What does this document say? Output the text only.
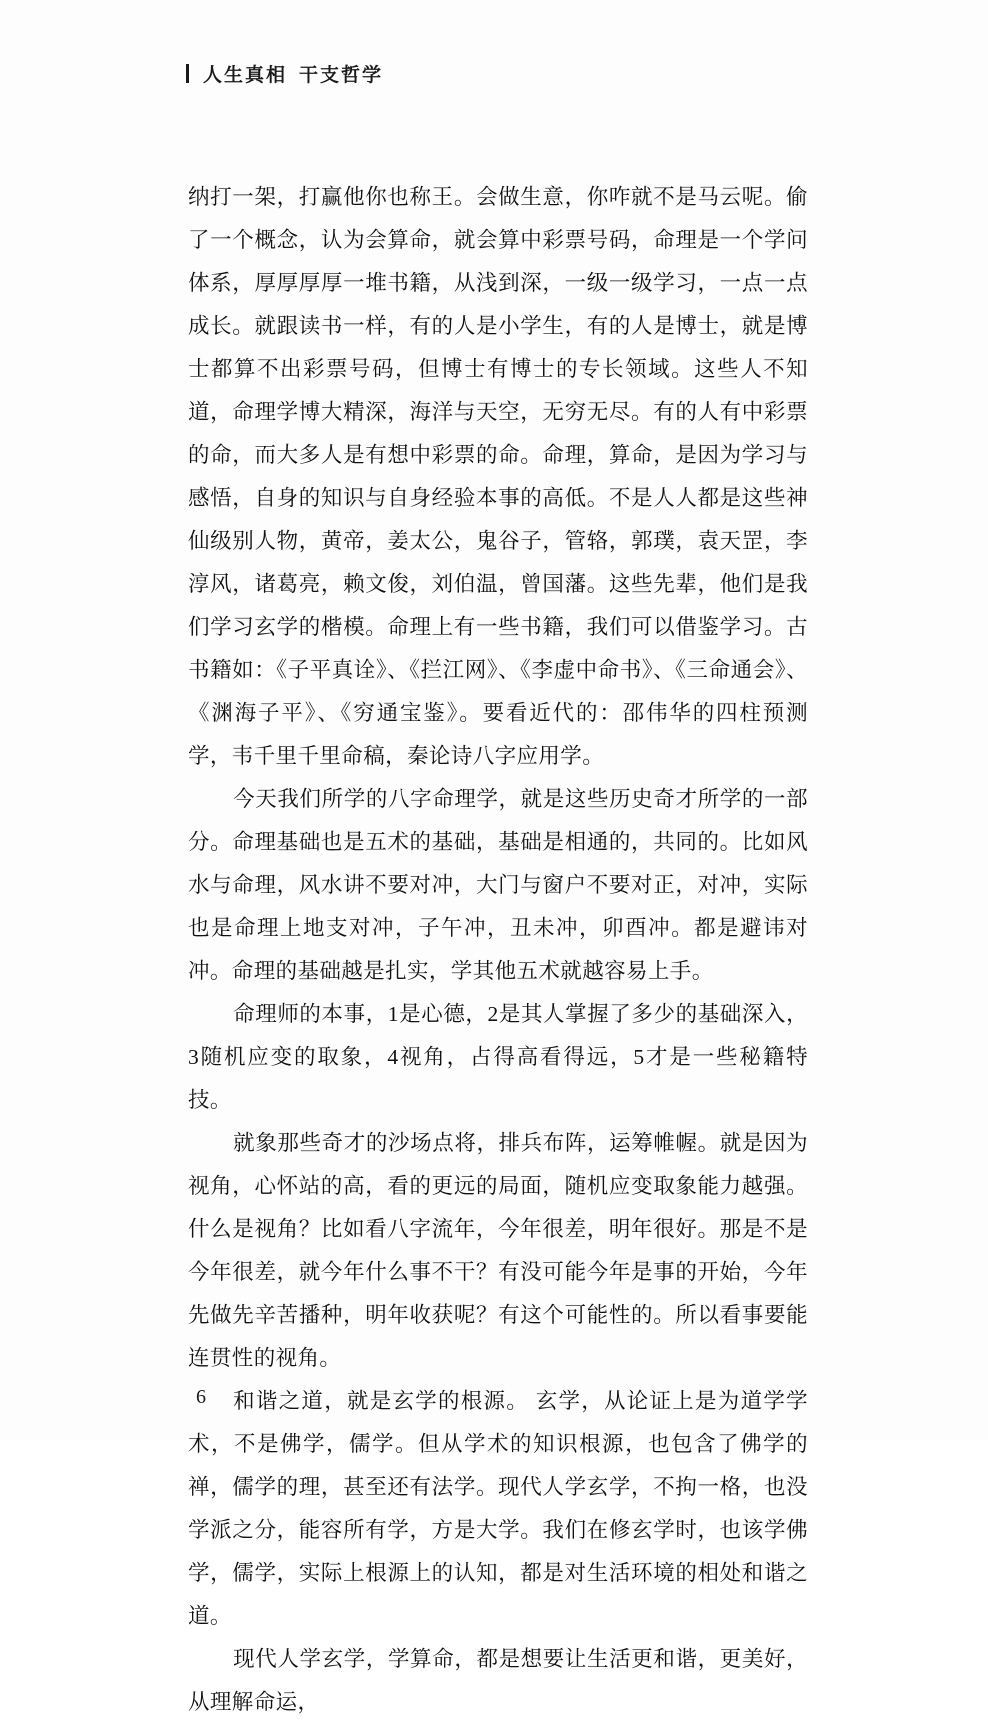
人生真相 干支哲学

纳打一架，打赢他你也称王。会做生意，你咋就不是马云呢。偷了一个概念，认为会算命，就会算中彩票号码，命理是一个学问体系，厚厚厚厚一堆书籍，从浅到深，一级一级学习，一点一点成长。就跟读书一样，有的人是小学生，有的人是博士，就是博士都算不出彩票号码，但博士有博士的专长领域。这些人不知道，命理学博大精深，海洋与天空，无穷无尽。有的人有中彩票的命，而大多人是有想中彩票的命。命理，算命，是因为学习与感悟，自身的知识与自身经验本事的高低。不是人人都是这些神仙级别人物，黄帝，姜太公，鬼谷子，管辂，郭璞，袁天罡，李淳风，诸葛亮，赖文俊，刘伯温，曾国藩。这些先辈，他们是我们学习玄学的楷模。命理上有一些书籍，我们可以借鉴学习。古书籍如：《子平真诠》、《拦江网》、《李虚中命书》、《三命通会》、《渊海子平》、《穷通宝鉴》。要看近代的：邵伟华的四柱预测学，韦千里千里命稿，秦论诗八字应用学。

今天我们所学的八字命理学，就是这些历史奇才所学的一部分。命理基础也是五术的基础，基础是相通的，共同的。比如风水与命理，风水讲不要对冲，大门与窗户不要对正，对冲，实际也是命理上地支对冲，子午冲，丑未冲，卯酉冲。都是避讳对冲。命理的基础越是扎实，学其他五术就越容易上手。

命理师的本事，1是心德，2是其人掌握了多少的基础深入，3随机应变的取象，4视角，占得高看得远，5才是一些秘籍特技。

就象那些奇才的沙场点将，排兵布阵，运筹帷幄。就是因为视角，心怀站的高，看的更远的局面，随机应变取象能力越强。什么是视角？比如看八字流年，今年很差，明年很好。那是不是今年很差，就今年什么事不干？有没可能今年是事的开始，今年先做先辛苦播种，明年收获呢？有这个可能性的。所以看事要能连贯性的视角。

和谐之道，就是玄学的根源。 玄学，从论证上是为道学学术，不是佛学，儒学。但从学术的知识根源，也包含了佛学的禅，儒学的理，甚至还有法学。现代人学玄学，不拘一格，也没学派之分，能容所有学，方是大学。我们在修玄学时，也该学佛学，儒学，实际上根源上的认知，都是对生活环境的相处和谐之道。

现代人学玄学，学算命，都是想要让生活更和谐，更美好，从理解命运，

6
